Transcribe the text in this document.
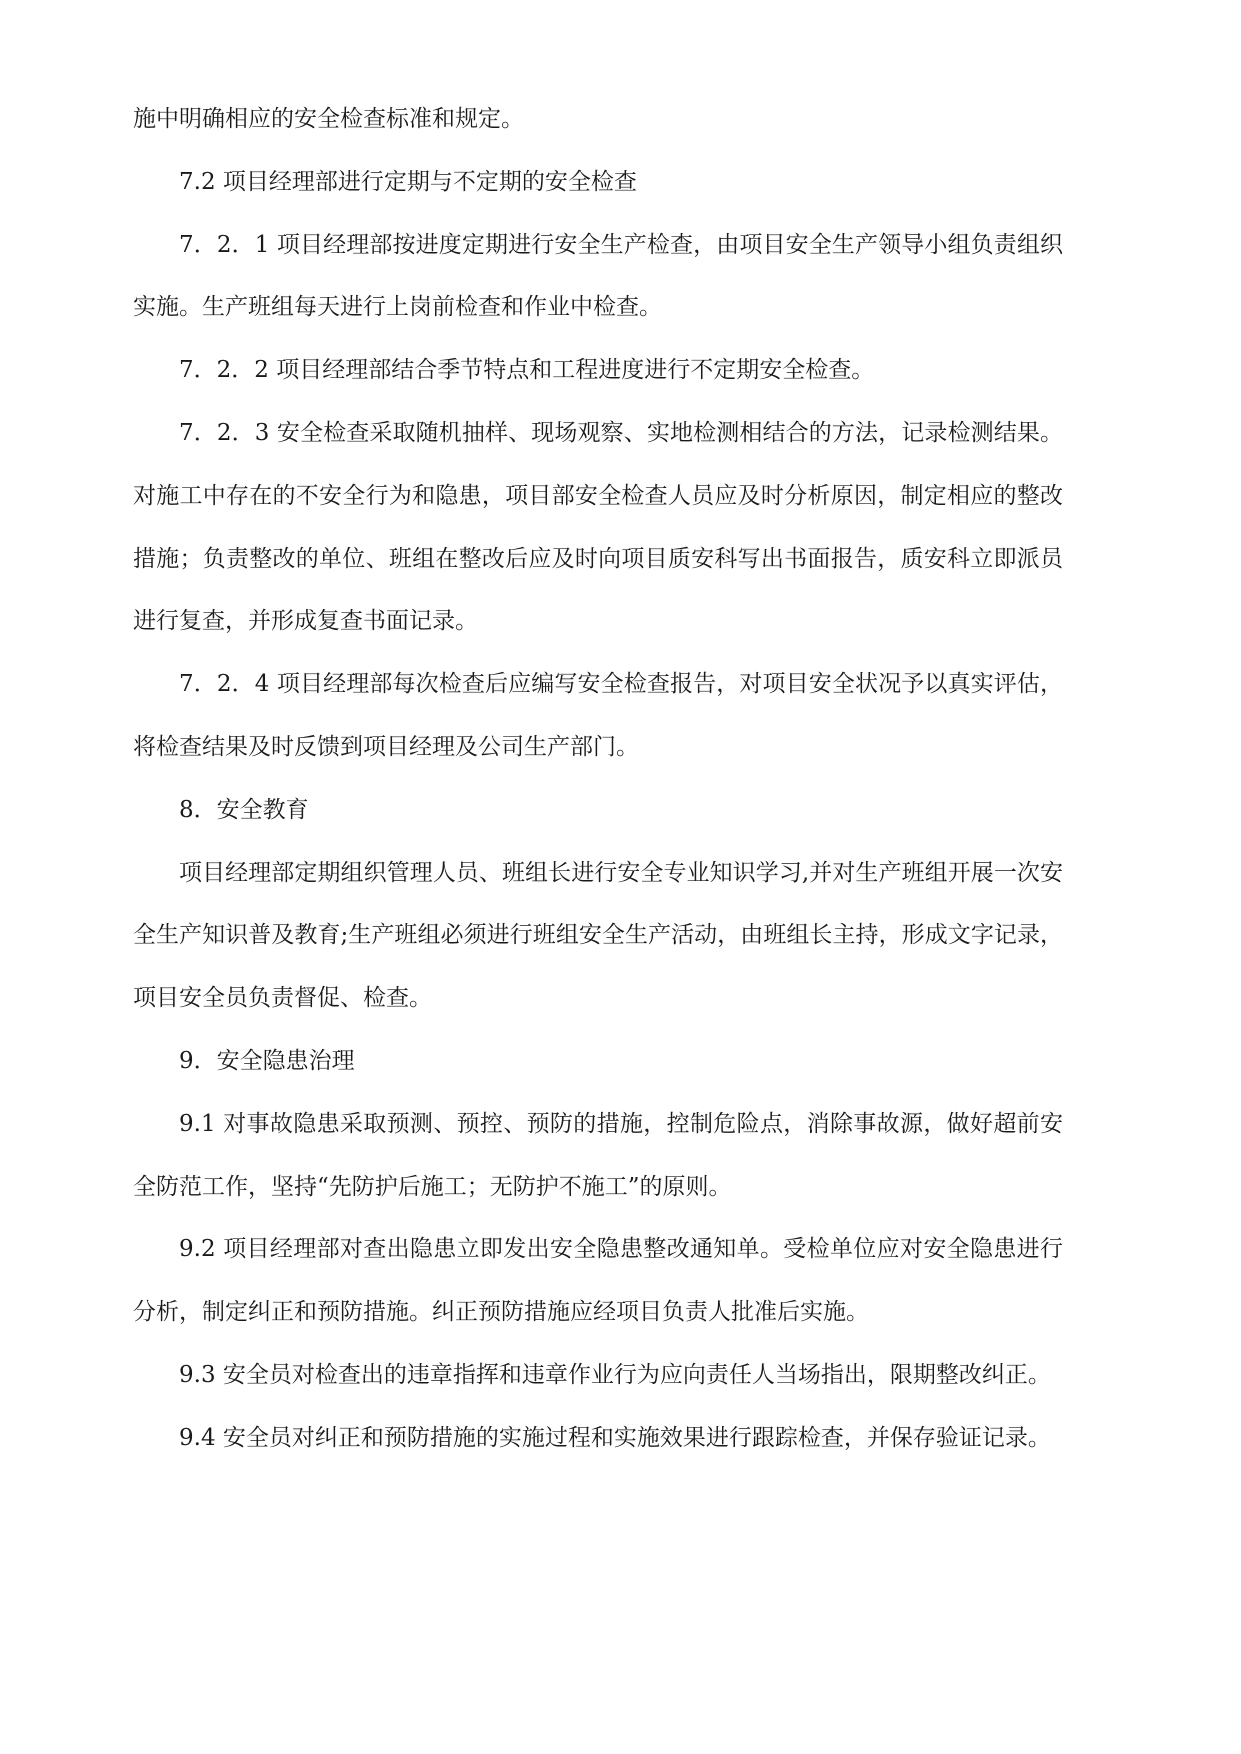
施中明确相应的安全检查标准和规定。

7.2 项目经理部进行定期与不定期的安全检查

7．2．1 项目经理部按进度定期进行安全生产检查，由项目安全生产领导小组负责组织实施。生产班组每天进行上岗前检查和作业中检查。

7．2．2 项目经理部结合季节特点和工程进度进行不定期安全检查。

7．2．3 安全检查采取随机抽样、现场观察、实地检测相结合的方法，记录检测结果。对施工中存在的不安全行为和隐患，项目部安全检查人员应及时分析原因，制定相应的整改措施；负责整改的单位、班组在整改后应及时向项目质安科写出书面报告，质安科立即派员进行复查，并形成复查书面记录。

7．2．4 项目经理部每次检查后应编写安全检查报告，对项目安全状况予以真实评估，将检查结果及时反馈到项目经理及公司生产部门。

8．安全教育

项目经理部定期组织管理人员、班组长进行安全专业知识学习,并对生产班组开展一次安全生产知识普及教育;生产班组必须进行班组安全生产活动，由班组长主持，形成文字记录，项目安全员负责督促、检查。

9．安全隐患治理

9.1 对事故隐患采取预测、预控、预防的措施，控制危险点，消除事故源，做好超前安全防范工作，坚持“先防护后施工；无防护不施工”的原则。

9.2 项目经理部对查出隐患立即发出安全隐患整改通知单。受检单位应对安全隐患进行分析，制定纠正和预防措施。纠正预防措施应经项目负责人批准后实施。

9.3 安全员对检查出的违章指挥和违章作业行为应向责任人当场指出，限期整改纠正。

9.4 安全员对纠正和预防措施的实施过程和实施效果进行跟踪检查，并保存验证记录。
